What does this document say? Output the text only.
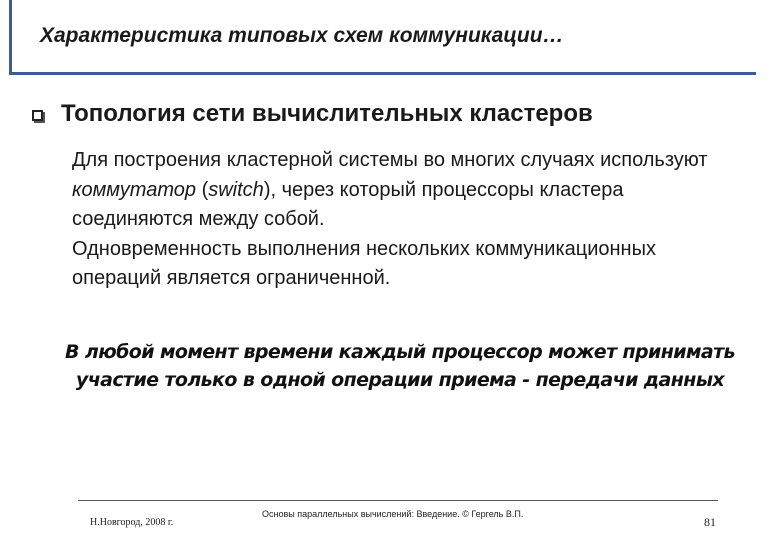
Характеристика типовых схем коммуникации…
Топология сети вычислительных кластеров

Для построения кластерной системы во многих случаях используют коммутатор (switch), через который процессоры кластера соединяются между собой.

Одновременность выполнения нескольких коммуникационных операций является ограниченной.

В любой момент времени каждый процессор может принимать
участие только в одной операции приема - передачи данных
Н.Новгород, 2008 г.
Основы параллельных вычислений: Введение. © Гергель В.П.
81
